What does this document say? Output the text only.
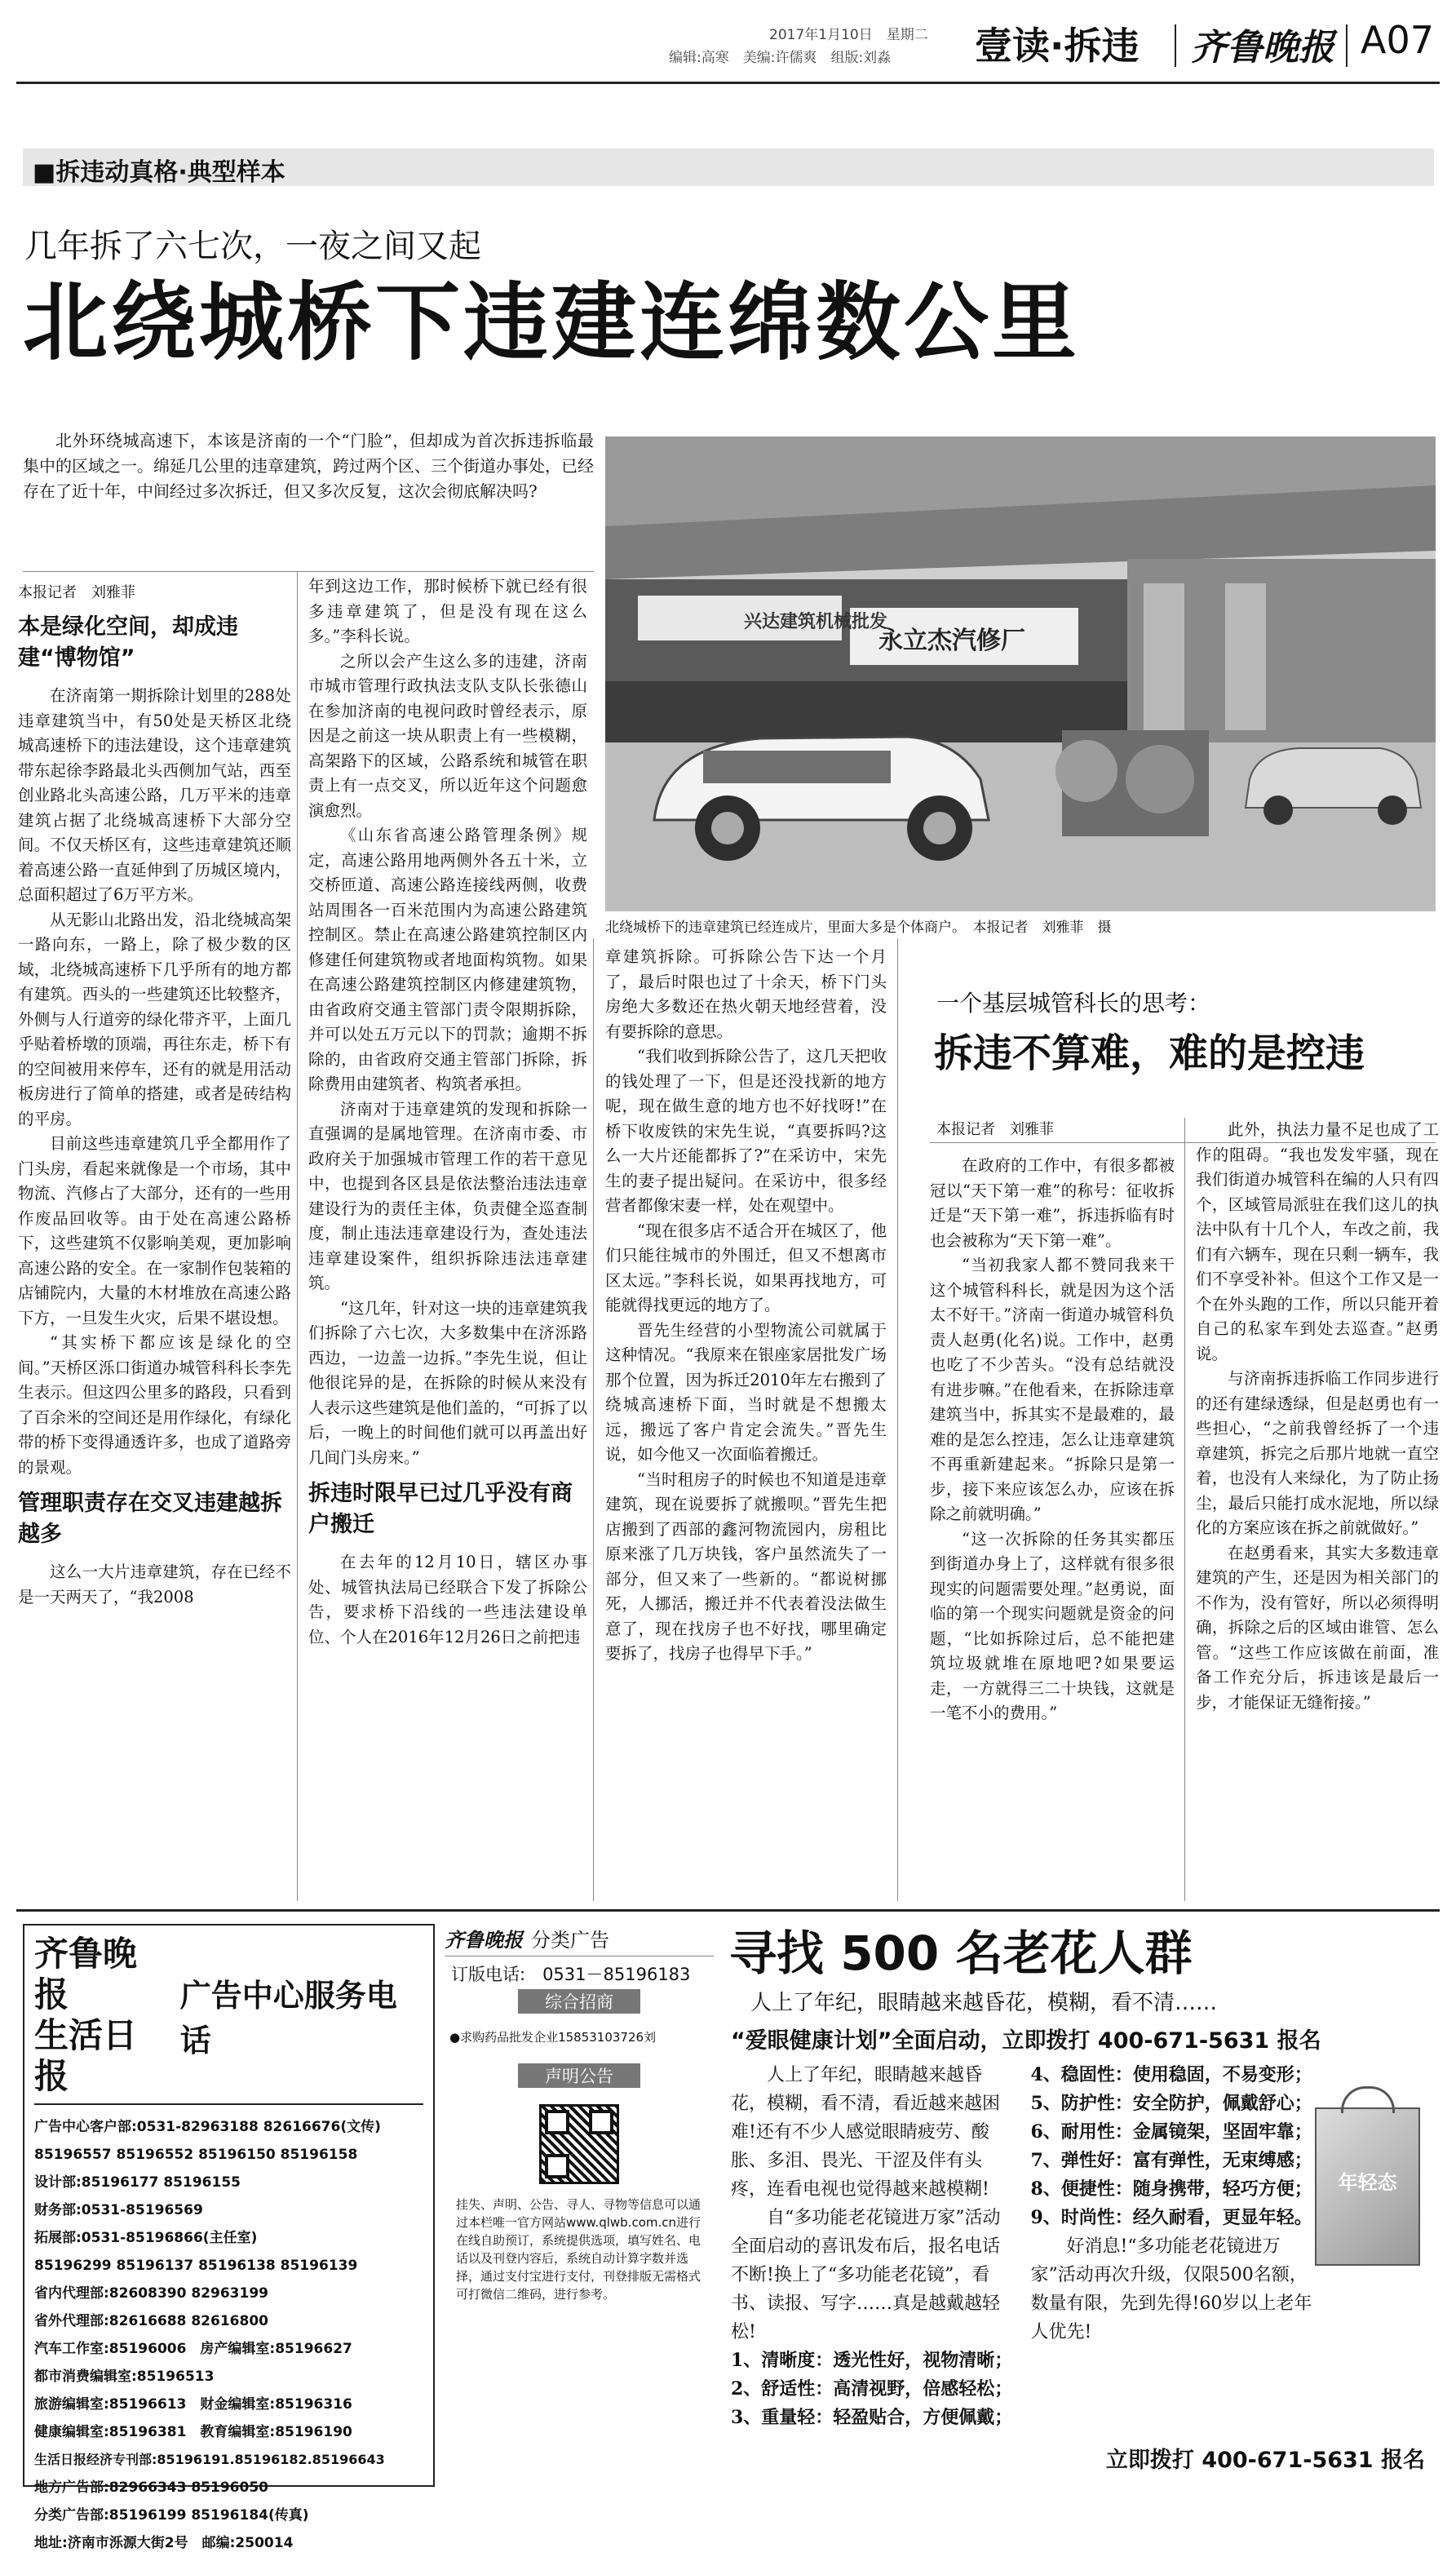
2017年1月10日　 星期二
编辑:高寒　美编:许儒爽　组版:刘淼 壹读·拆违 齐鲁晚报 A07
■拆违动真格·典型样本
几年拆了六七次，一夜之间又起
北绕城桥下违建连绵数公里

北外环绕城高速下，本该是济南的一个“门脸”，但却成为首次拆违拆临最集中的区域之一。绵延几公里的违章建筑，跨过两个区、三个街道办事处，已经存在了近十年，中间经过多次拆迁，但又多次反复，这次会彻底解决吗?

兴达建筑机械批发
永立杰汽修厂
北绕城桥下的违章建筑已经连成片，里面大多是个体商户。　本报记者　刘雅菲　摄
本报记者　刘雅菲
本是绿化空间，却成违建“博物馆”

在济南第一期拆除计划里的288处违章建筑当中，有50处是天桥区北绕城高速桥下的违法建设，这个违章建筑带东起徐李路最北头西侧加气站，西至创业路北头高速公路，几万平米的违章建筑占据了北绕城高速桥下大部分空间。不仅天桥区有，这些违章建筑还顺着高速公路一直延伸到了历城区境内，总面积超过了6万平方米。

从无影山北路出发，沿北绕城高架一路向东，一路上，除了极少数的区域，北绕城高速桥下几乎所有的地方都有建筑。西头的一些建筑还比较整齐，外侧与人行道旁的绿化带齐平，上面几乎贴着桥墩的顶端，再往东走，桥下有的空间被用来停车，还有的就是用活动板房进行了简单的搭建，或者是砖结构的平房。

目前这些违章建筑几乎全都用作了门头房，看起来就像是一个市场，其中物流、汽修占了大部分，还有的一些用作废品回收等。由于处在高速公路桥下，这些建筑不仅影响美观，更加影响高速公路的安全。在一家制作包装箱的店铺院内，大量的木材堆放在高速公路下方，一旦发生火灾，后果不堪设想。

“其实桥下都应该是绿化的空间。”天桥区泺口街道办城管科科长李先生表示。但这四公里多的路段，只看到了百余米的空间还是用作绿化，有绿化带的桥下变得通透许多，也成了道路旁的景观。

管理职责存在交叉违建越拆越多

这么一大片违章建筑，存在已经不是一天两天了，“我2008

年到这边工作，那时候桥下就已经有很多违章建筑了，但是没有现在这么多。”李科长说。

之所以会产生这么多的违建，济南市城市管理行政执法支队支队长张德山在参加济南的电视问政时曾经表示，原因是之前这一块从职责上有一些模糊，高架路下的区域，公路系统和城管在职责上有一点交叉，所以近年这个问题愈演愈烈。

《山东省高速公路管理条例》规定，高速公路用地两侧外各五十米，立交桥匝道、高速公路连接线两侧，收费站周围各一百米范围内为高速公路建筑控制区。禁止在高速公路建筑控制区内修建任何建筑物或者地面构筑物。如果在高速公路建筑控制区内修建建筑物，由省政府交通主管部门责令限期拆除，并可以处五万元以下的罚款；逾期不拆除的，由省政府交通主管部门拆除，拆除费用由建筑者、构筑者承担。

济南对于违章建筑的发现和拆除一直强调的是属地管理。在济南市委、市政府关于加强城市管理工作的若干意见中，也提到各区县是依法整治违法违章建设行为的责任主体，负责健全巡查制度，制止违法违章建设行为，查处违法违章建设案件，组织拆除违法违章建筑。

“这几年，针对这一块的违章建筑我们拆除了六七次，大多数集中在济泺路西边，一边盖一边拆。”李先生说，但让他很诧异的是，在拆除的时候从来没有人表示这些建筑是他们盖的，“可拆了以后，一晚上的时间他们就可以再盖出好几间门头房来。”

拆违时限早已过几乎没有商户搬迁

在去年的12月10日，辖区办事处、城管执法局已经联合下发了拆除公告，要求桥下沿线的一些违法建设单位、个人在2016年12月26日之前把违

章建筑拆除。可拆除公告下达一个月了，最后时限也过了十余天，桥下门头房绝大多数还在热火朝天地经营着，没有要拆除的意思。

“我们收到拆除公告了，这几天把收的钱处理了一下，但是还没找新的地方呢，现在做生意的地方也不好找呀!”在桥下收废铁的宋先生说，“真要拆吗?这么一大片还能都拆了?”在采访中，宋先生的妻子提出疑问。在采访中，很多经营者都像宋妻一样，处在观望中。

“现在很多店不适合开在城区了，他们只能往城市的外围迁，但又不想离市区太远。”李科长说，如果再找地方，可能就得找更远的地方了。

晋先生经营的小型物流公司就属于这种情况。“我原来在银座家居批发广场那个位置，因为拆迁2010年左右搬到了绕城高速桥下面，当时就是不想搬太远，搬远了客户肯定会流失。”晋先生说，如今他又一次面临着搬迁。

“当时租房子的时候也不知道是违章建筑，现在说要拆了就搬呗。”晋先生把店搬到了西部的鑫河物流园内，房租比原来涨了几万块钱，客户虽然流失了一部分，但又来了一些新的。“都说树挪死，人挪活，搬迁并不代表着没法做生意了，现在找房子也不好找，哪里确定要拆了，找房子也得早下手。”

一个基层城管科长的思考：
拆违不算难，难的是控违
本报记者　刘雅菲

在政府的工作中，有很多都被冠以“天下第一难”的称号：征收拆迁是“天下第一难”，拆违拆临有时也会被称为“天下第一难”。

“当初我家人都不赞同我来干这个城管科科长，就是因为这个活太不好干。”济南一街道办城管科负责人赵勇(化名)说。工作中，赵勇也吃了不少苦头。“没有总结就没有进步嘛。”在他看来，在拆除违章建筑当中，拆其实不是最难的，最难的是怎么控违，怎么让违章建筑不再重新建起来。“拆除只是第一步，接下来应该怎么办，应该在拆除之前就明确。”

“这一次拆除的任务其实都压到街道办身上了，这样就有很多很现实的问题需要处理。”赵勇说，面临的第一个现实问题就是资金的问题，“比如拆除过后，总不能把建筑垃圾就堆在原地吧?如果要运走，一方就得三二十块钱，这就是一笔不小的费用。”

此外，执法力量不足也成了工作的阻碍。“我也发发牢骚，现在我们街道办城管科在编的人只有四个，区域管局派驻在我们这儿的执法中队有十几个人，车改之前，我们有六辆车，现在只剩一辆车，我们不享受补补。但这个工作又是一个在外头跑的工作，所以只能开着自己的私家车到处去巡查。”赵勇说。

与济南拆违拆临工作同步进行的还有建绿透绿，但是赵勇也有一些担心，“之前我曾经拆了一个违章建筑，拆完之后那片地就一直空着，也没有人来绿化，为了防止扬尘，最后只能打成水泥地，所以绿化的方案应该在拆之前就做好。”

在赵勇看来，其实大多数违章建筑的产生，还是因为相关部门的不作为，没有管好，所以必须得明确，拆除之后的区域由谁管、怎么管。“这些工作应该做在前面，准备工作充分后，拆违该是最后一步，才能保证无缝衔接。”

齐鲁晚报
生活日报
广告中心服务电话

广告中心客户部:0531-82963188 82616676(文传)

85196557 85196552 85196150 85196158

设计部:85196177 85196155

财务部:0531-85196569

拓展部:0531-85196866(主任室)

85196299 85196137 85196138 85196139

省内代理部:82608390 82963199

省外代理部:82616688 82616800

汽车工作室:85196006　房产编辑室:85196627

都市消费编辑室:85196513

旅游编辑室:85196613　财金编辑室:85196316

健康编辑室:85196381　教育编辑室:85196190

生活日报经济专刊部:85196191.85196182.85196643

地方广告部:82966343 85196050

分类广告部:85196199 85196184(传真)

地址:济南市泺源大街2号　邮编:250014

齐鲁晚报 分类广告
订版电话:　0531－85196183
综合招商
●求购药品批发企业15853103726刘
声明公告
挂失、声明、公告、寻人、寻物等信息可以通过本栏唯一官方网站www.qlwb.com.cn进行在线自助预订，系统提供选项，填写姓名、电话以及刊登内容后，系统自动计算字数并选择，通过支付宝进行支付，刊登排版无需格式可打微信二维码，进行参考。
寻找 500 名老花人群
人上了年纪，眼睛越来越昏花，模糊，看不清……
“爱眼健康计划”全面启动，立即拨打 400-671-5631 报名

人上了年纪，眼睛越来越昏花，模糊，看不清，看近越来越困难!还有不少人感觉眼睛疲劳、酸胀、多泪、畏光、干涩及伴有头疼，连看电视也觉得越来越模糊!

自“多功能老花镜进万家”活动全面启动的喜讯发布后，报名电话不断!换上了“多功能老花镜”，看书、读报、写字……真是越戴越轻松!

1、清晰度：透光性好，视物清晰；2、舒适性：高清视野，倍感轻松；3、重量轻：轻盈贴合，方便佩戴；4、稳固性：使用稳固，不易变形；5、防护性：安全防护，佩戴舒心；6、耐用性：金属镜架，坚固牢靠；7、弹性好：富有弹性，无束缚感；8、便捷性：随身携带，轻巧方便；9、时尚性：经久耐看，更显年轻。

好消息!“多功能老花镜进万家”活动再次升级，仅限500名额，数量有限，先到先得!60岁以上老年人优先!

立即拨打 400-671-5631 报名
年轻态
